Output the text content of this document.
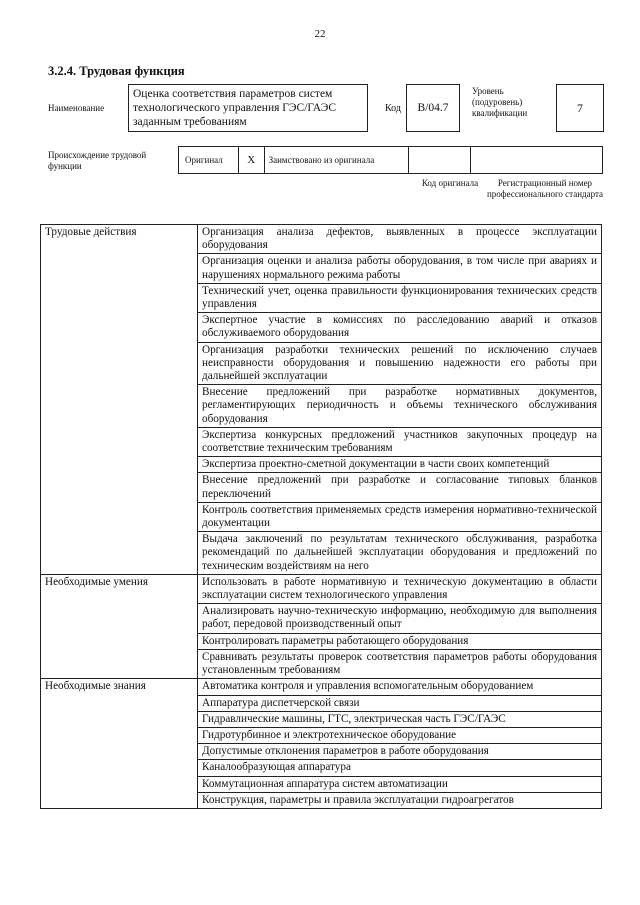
22
3.2.4. Трудовая функция
Наименование
Оценка соответствия параметров систем технологического управления ГЭС/ГАЭС заданным требованиям
Код	В/04.7
Уровень (подуровень) квалификации	7
Происхождение трудовой функции
Оригинал	X	Заимствовано из оригинала
Код оригинала	Регистрационный номер профессионального стандарта
Трудовые действия	Организация анализа дефектов, выявленных в процессе эксплуатации оборудования
	Организация оценки и анализа работы оборудования, в том числе при авариях и нарушениях нормального режима работы
	Технический учет, оценка правильности функционирования технических средств управления
	Экспертное участие в комиссиях по расследованию аварий и отказов обслуживаемого оборудования
	Организация разработки технических решений по исключению случаев неисправности оборудования и повышению надежности его работы при дальнейшей эксплуатации
	Внесение предложений при разработке нормативных документов, регламентирующих периодичность и объемы технического обслуживания оборудования
	Экспертиза конкурсных предложений участников закупочных процедур на соответствие техническим требованиям
	Экспертиза проектно-сметной документации в части своих компетенций
	Внесение предложений при разработке и согласование типовых бланков переключений
	Контроль соответствия применяемых средств измерения нормативно-технической документации
	Выдача заключений по результатам технического обслуживания, разработка рекомендаций по дальнейшей эксплуатации оборудования и предложений по техническим воздействиям на него
Необходимые умения	Использовать в работе нормативную и техническую документацию в области эксплуатации систем технологического управления
	Анализировать научно-техническую информацию, необходимую для выполнения работ, передовой производственный опыт
	Контролировать параметры работающего оборудования
	Сравнивать результаты проверок соответствия параметров работы оборудования установленным требованиям
Необходимые знания	Автоматика контроля и управления вспомогательным оборудованием
	Аппаратура диспетчерской связи
	Гидравлические машины, ГТС, электрическая часть ГЭС/ГАЭС
	Гидротурбинное и электротехническое оборудование
	Допустимые отклонения параметров в работе оборудования
	Каналообразующая аппаратура
	Коммутационная аппаратура систем автоматизации
	Конструкция, параметры и правила эксплуатации гидроагрегатов
